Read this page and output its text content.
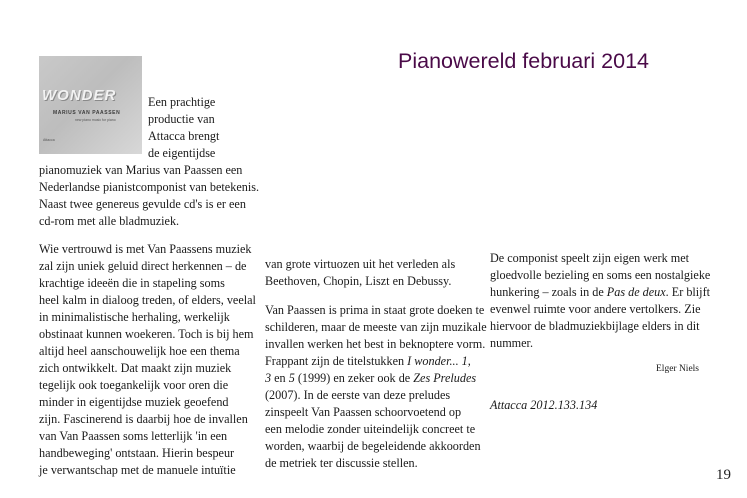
Pianowereld februari 2014
WONDER
MARIUS VAN PAASSEN
new piano music for piano
Attacca
Een prachtige
productie van
Attacca brengt
de eigentijdse
pianomuziek van Marius van Paassen een
Nederlandse pianistcomponist van betekenis.
Naast twee genereus gevulde cd's is er een
cd-rom met alle bladmuziek.
Wie vertrouwd is met Van Paassens muziek
zal zijn uniek geluid direct herkennen – de
krachtige ideeën die in stapeling soms
heel kalm in dialoog treden, of elders, veelal
in minimalistische herhaling, werkelijk
obstinaat kunnen woekeren. Toch is bij hem
altijd heel aanschouwelijk hoe een thema
zich ontwikkelt. Dat maakt zijn muziek
tegelijk ook toegankelijk voor oren die
minder in eigentijdse muziek geoefend
zijn. Fascinerend is daarbij hoe de invallen
van Van Paassen soms letterlijk 'in een
handbeweging' ontstaan. Hierin bespeur
je verwantschap met de manuele intuïtie
van grote virtuozen uit het verleden als
Beethoven, Chopin, Liszt en Debussy.
Van Paassen is prima in staat grote doeken te
schilderen, maar de meeste van zijn muzikale
invallen werken het best in beknoptere vorm.
Frappant zijn de titelstukken I wonder... 1,
3 en 5 (1999) en zeker ook de Zes Preludes
(2007). In de eerste van deze preludes
zinspeelt Van Paassen schoorvoetend op
een melodie zonder uiteindelijk concreet te
worden, waarbij de begeleidende akkoorden
de metriek ter discussie stellen.
De componist speelt zijn eigen werk met
gloedvolle bezieling en soms een nostalgieke
hunkering – zoals in de Pas de deux. Er blijft
evenwel ruimte voor andere vertolkers. Zie
hiervoor de bladmuziekbijlage elders in dit
nummer.
Elger Niels
Attacca 2012.133.134
19
